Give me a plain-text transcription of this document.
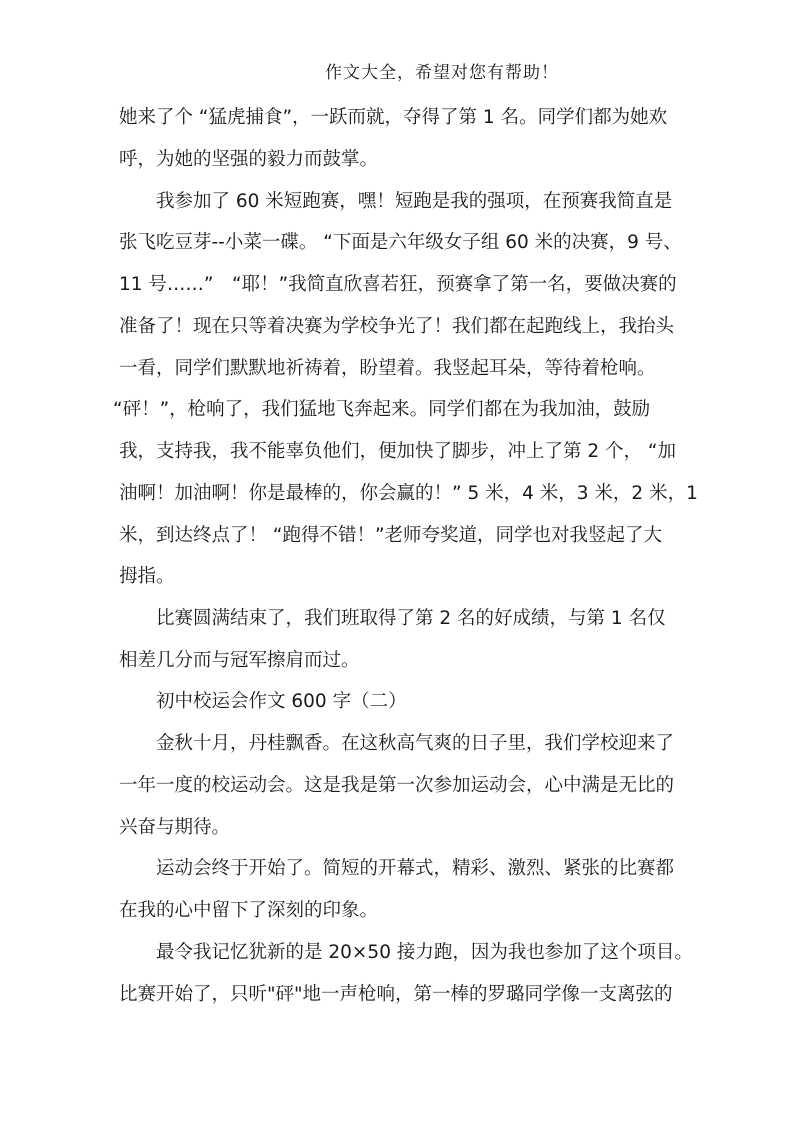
作文大全，希望对您有帮助！
她来了个 “猛虎捕食”，一跃而就，夺得了第 1 名。同学们都为她欢
呼，为她的坚强的毅力而鼓掌。
　　我参加了 60 米短跑赛，嘿！短跑是我的强项，在预赛我简直是
张飞吃豆芽--小菜一碟。 “下面是六年级女子组 60 米的决赛，9 号、
11 号……”　“耶！”我简直欣喜若狂，预赛拿了第一名，要做决赛的
准备了！现在只等着决赛为学校争光了！我们都在起跑线上，我抬头
一看，同学们默默地祈祷着，盼望着。我竖起耳朵，等待着枪响。
“砰！”，枪响了，我们猛地飞奔起来。同学们都在为我加油，鼓励
我，支持我，我不能辜负他们，便加快了脚步，冲上了第 2 个， “加
油啊！加油啊！你是最棒的，你会赢的！” 5 米，4 米，3 米，2 米，1
米，到达终点了！ “跑得不错！”老师夸奖道，同学也对我竖起了大
拇指。
　　比赛圆满结束了，我们班取得了第 2 名的好成绩，与第 1 名仅
相差几分而与冠军擦肩而过。
　　初中校运会作文 600 字（二）
　　金秋十月，丹桂飘香。在这秋高气爽的日子里，我们学校迎来了
一年一度的校运动会。这是我是第一次参加运动会，心中满是无比的
兴奋与期待。
　　运动会终于开始了。简短的开幕式，精彩、激烈、紧张的比赛都
在我的心中留下了深刻的印象。
　　最令我记忆犹新的是 20×50 接力跑，因为我也参加了这个项目。
比赛开始了，只听"砰"地一声枪响，第一棒的罗璐同学像一支离弦的
